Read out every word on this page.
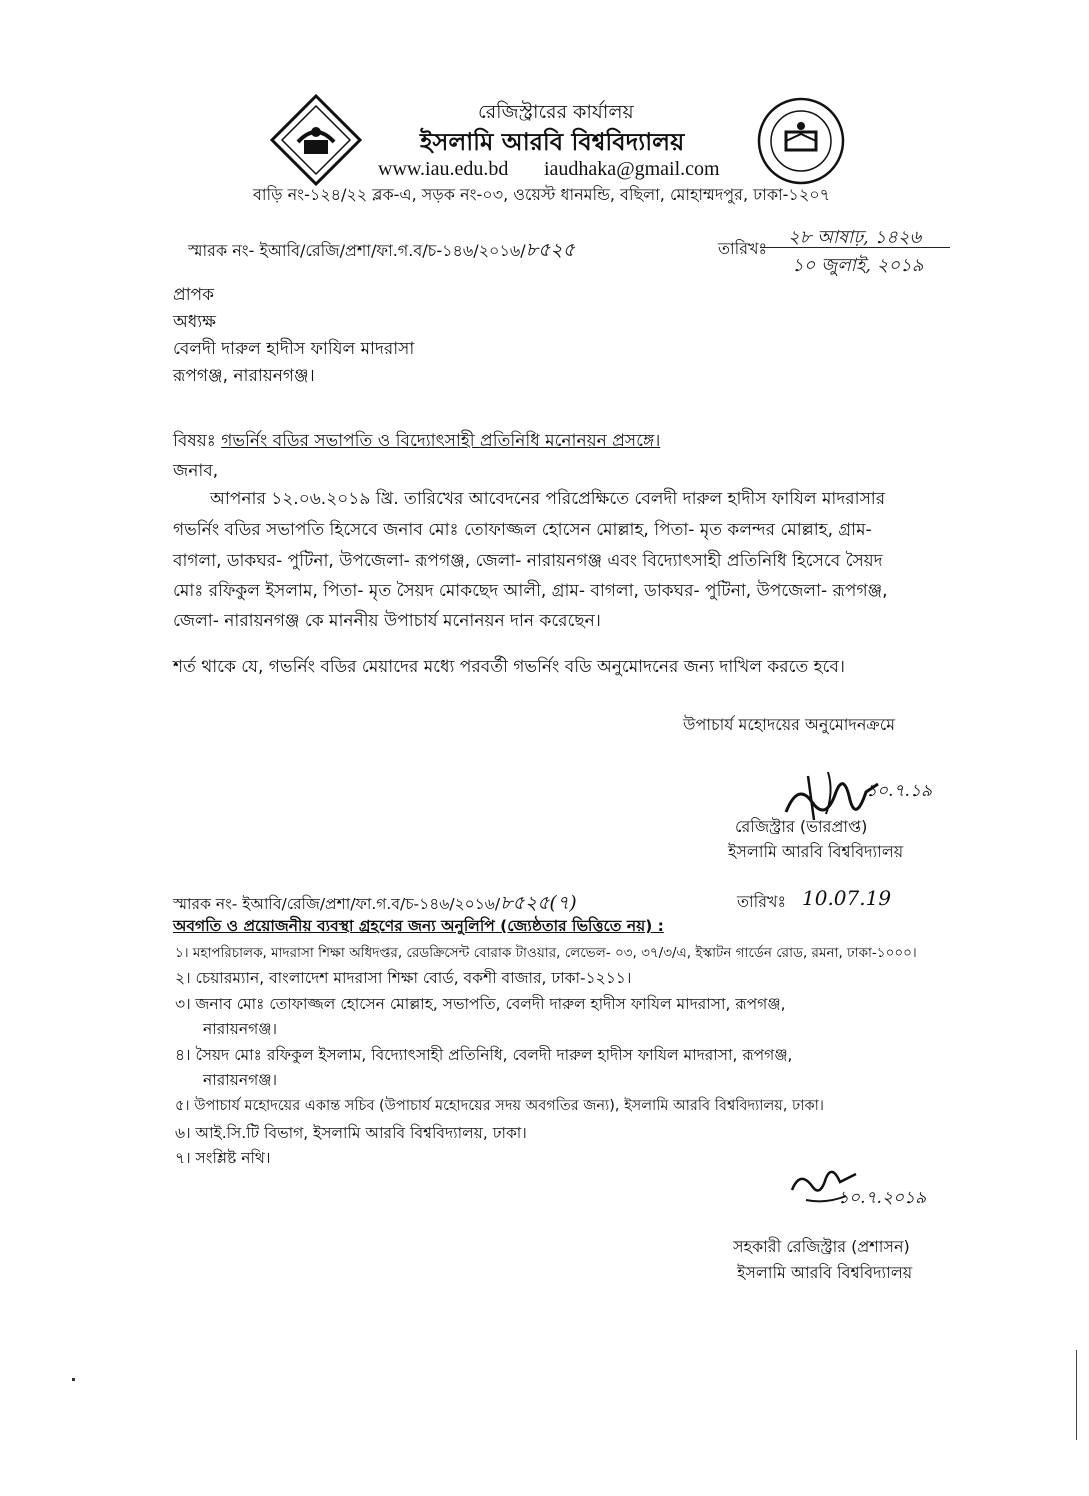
রেজিস্ট্রারের কার্যালয়
ইসলামি আরবি বিশ্ববিদ্যালয়
www.iau.edu.bd iaudhaka@gmail.com
বাড়ি নং-১২৪/২২ ব্লক-এ, সড়ক নং-০৩, ওয়েস্ট ধানমন্ডি, বছিলা, মোহাম্মদপুর, ঢাকা-১২০৭
স্মারক নং- ইআবি/রেজি/প্রশা/ফা.গ.ব/চ-১৪৬/২০১৬/৮৫২৫	তারিখঃ
২৮ আষাঢ়, ১৪২৬
১০ জুলাই, ২০১৯
প্রাপক
অধ্যক্ষ
বেলদী দারুল হাদীস ফাযিল মাদরাসা
রূপগঞ্জ, নারায়নগঞ্জ।
বিষয়ঃ গভর্নিং বডির সভাপতি ও বিদ্যোৎসাহী প্রতিনিধি মনোনয়ন প্রসঙ্গে।
জনাব,
আপনার ১২.০৬.২০১৯ খ্রি. তারিখের আবেদনের পরিপ্রেক্ষিতে বেলদী দারুল হাদীস ফাযিল মাদরাসার
গভর্নিং বডির সভাপতি হিসেবে জনাব মোঃ তোফাজ্জল হোসেন মোল্লাহ, পিতা- মৃত কলন্দর মোল্লাহ, গ্রাম-
বাগলা, ডাকঘর- পুটিনা, উপজেলা- রূপগঞ্জ, জেলা- নারায়নগঞ্জ এবং বিদ্যোৎসাহী প্রতিনিধি হিসেবে সৈয়দ
মোঃ রফিকুল ইসলাম, পিতা- মৃত সৈয়দ মোকছেদ আলী, গ্রাম- বাগলা, ডাকঘর- পুটিনা, উপজেলা- রূপগঞ্জ,
জেলা- নারায়নগঞ্জ কে মাননীয় উপাচার্য মনোনয়ন দান করেছেন।
শর্ত থাকে যে, গভর্নিং বডির মেয়াদের মধ্যে পরবর্তী গভর্নিং বডি অনুমোদনের জন্য দাখিল করতে হবে।
উপাচার্য মহোদয়ের অনুমোদনক্রমে
১০.৭.১৯
রেজিস্ট্রার (ভারপ্রাপ্ত)
ইসলামি আরবি বিশ্ববিদ্যালয়
স্মারক নং- ইআবি/রেজি/প্রশা/ফা.গ.ব/চ-১৪৬/২০১৬/৮৫২৫(৭)	তারিখঃ 10.07.19
অবগতি ও প্রয়োজনীয় ব্যবস্থা গ্রহণের জন্য অনুলিপি (জ্যেষ্ঠতার ভিত্তিতে নয়) :
১। মহাপরিচালক, মাদরাসা শিক্ষা অধিদপ্তর, রেডক্রিসেন্ট বোরাক টাওয়ার, লেভেল- ০৩, ৩৭/৩/এ, ইস্কাটন গার্ডেন রোড, রমনা, ঢাকা-১০০০।
২। চেয়ারম্যান, বাংলাদেশ মাদরাসা শিক্ষা বোর্ড, বকশী বাজার, ঢাকা-১২১১।
৩। জনাব মোঃ তোফাজ্জল হোসেন মোল্লাহ, সভাপতি, বেলদী দারুল হাদীস ফাযিল মাদরাসা, রূপগঞ্জ,
নারায়নগঞ্জ।
৪। সৈয়দ মোঃ রফিকুল ইসলাম, বিদ্যোৎসাহী প্রতিনিধি, বেলদী দারুল হাদীস ফাযিল মাদরাসা, রূপগঞ্জ,
নারায়নগঞ্জ।
৫। উপাচার্য মহোদয়ের একান্ত সচিব (উপাচার্য মহোদয়ের সদয় অবগতির জন্য), ইসলামি আরবি বিশ্ববিদ্যালয়, ঢাকা।
৬। আই.সি.টি বিভাগ, ইসলামি আরবি বিশ্ববিদ্যালয়, ঢাকা।
৭। সংশ্লিষ্ট নথি।
১০.৭.২০১৯
সহকারী রেজিস্ট্রার (প্রশাসন)
ইসলামি আরবি বিশ্ববিদ্যালয়
